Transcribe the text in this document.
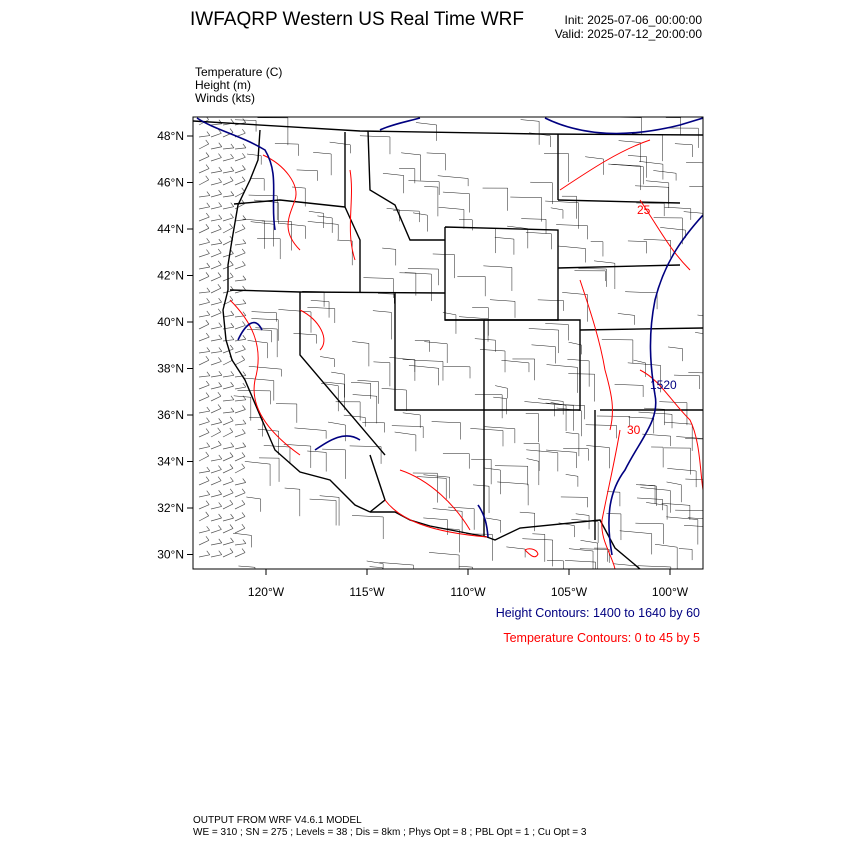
IWFAQRP Western US Real Time WRF	Init: 2025-07-06_00:00:00
Valid: 2025-07-12_20:00:00
Temperature (C)
Height (m)
Winds (kts)
1520
30
25
48°N
46°N
44°N
42°N
40°N
38°N
36°N
34°N
32°N
30°N
120°W	115°W	110°W	105°W	100°W
Height Contours: 1400 to 1640 by 60
Temperature Contours: 0 to 45 by 5
OUTPUT FROM WRF V4.6.1 MODEL
WE = 310 ; SN = 275 ; Levels = 38 ; Dis = 8km ; Phys Opt = 8 ; PBL Opt = 1 ; Cu Opt = 3
